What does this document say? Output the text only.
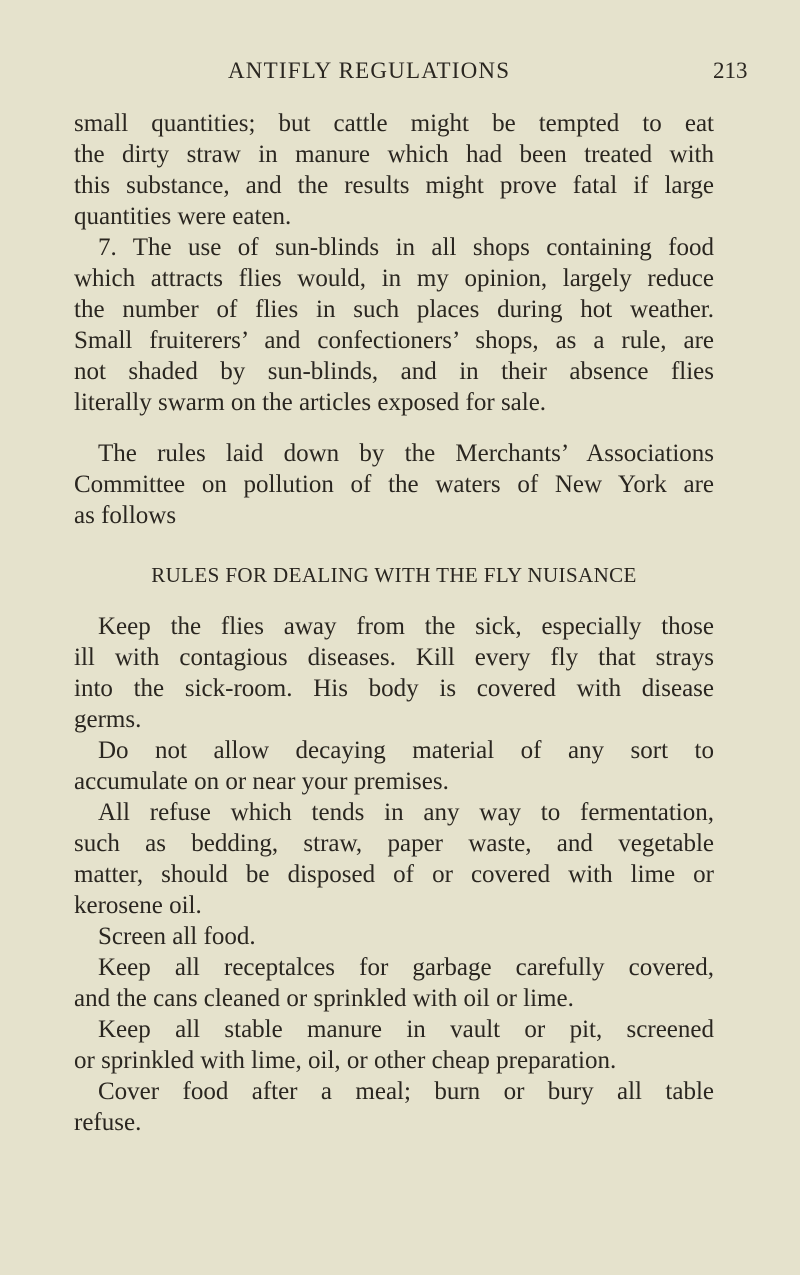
ANTIFLY REGULATIONS	213
small quantities; but cattle might be tempted to eat
the dirty straw in manure which had been treated with
this substance, and the results might prove fatal if large
quantities were eaten.
7. The use of sun-blinds in all shops containing food
which attracts flies would, in my opinion, largely reduce
the number of flies in such places during hot weather.
Small fruiterers’ and confectioners’ shops, as a rule, are
not shaded by sun-blinds, and in their absence flies
literally swarm on the articles exposed for sale.
The rules laid down by the Merchants’ Associations
Committee on pollution of the waters of New York are
as follows
RULES FOR DEALING WITH THE FLY NUISANCE
Keep the flies away from the sick, especially those
ill with contagious diseases. Kill every fly that strays
into the sick-room. His body is covered with disease
germs.
Do not allow decaying material of any sort to
accumulate on or near your premises.
All refuse which tends in any way to fermentation,
such as bedding, straw, paper waste, and vegetable
matter, should be disposed of or covered with lime or
kerosene oil.
Screen all food.
Keep all receptalces for garbage carefully covered,
and the cans cleaned or sprinkled with oil or lime.
Keep all stable manure in vault or pit, screened
or sprinkled with lime, oil, or other cheap preparation.
Cover food after a meal; burn or bury all table
refuse.
